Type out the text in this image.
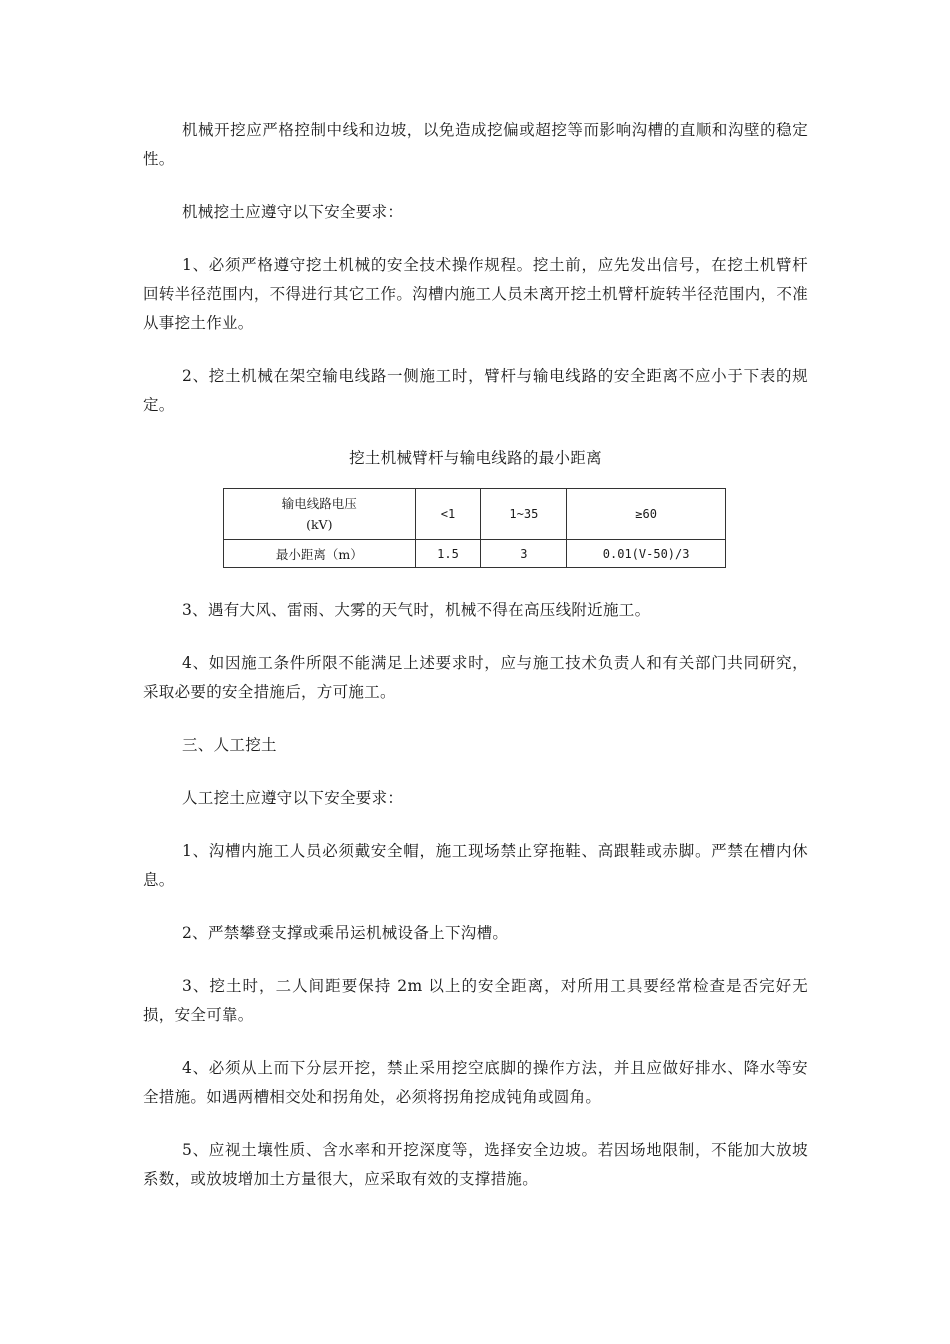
机械开挖应严格控制中线和边坡，以免造成挖偏或超挖等而影响沟槽的直顺和沟壁的稳定性。

机械挖土应遵守以下安全要求：

1、必须严格遵守挖土机械的安全技术操作规程。挖土前，应先发出信号，在挖土机臂杆回转半径范围内，不得进行其它工作。沟槽内施工人员未离开挖土机臂杆旋转半径范围内，不准从事挖土作业。

2、挖土机械在架空输电线路一侧施工时，臂杆与输电线路的安全距离不应小于下表的规定。

挖土机械臂杆与输电线路的最小距离
输电线路电压
(kV)	<1	1~35	≥60
最小距离（m）	1.5	3	0.01(V-50)/3

3、遇有大风、雷雨、大雾的天气时，机械不得在高压线附近施工。

4、如因施工条件所限不能满足上述要求时，应与施工技术负责人和有关部门共同研究，采取必要的安全措施后，方可施工。

三、人工挖土

人工挖土应遵守以下安全要求：

1、沟槽内施工人员必须戴安全帽，施工现场禁止穿拖鞋、高跟鞋或赤脚。严禁在槽内休息。

2、严禁攀登支撑或乘吊运机械设备上下沟槽。

3、挖土时，二人间距要保持 2m 以上的安全距离，对所用工具要经常检查是否完好无损，安全可靠。

4、必须从上而下分层开挖，禁止采用挖空底脚的操作方法，并且应做好排水、降水等安全措施。如遇两槽相交处和拐角处，必须将拐角挖成钝角或圆角。

5、应视土壤性质、含水率和开挖深度等，选择安全边坡。若因场地限制，不能加大放坡系数，或放坡增加土方量很大，应采取有效的支撑措施。
